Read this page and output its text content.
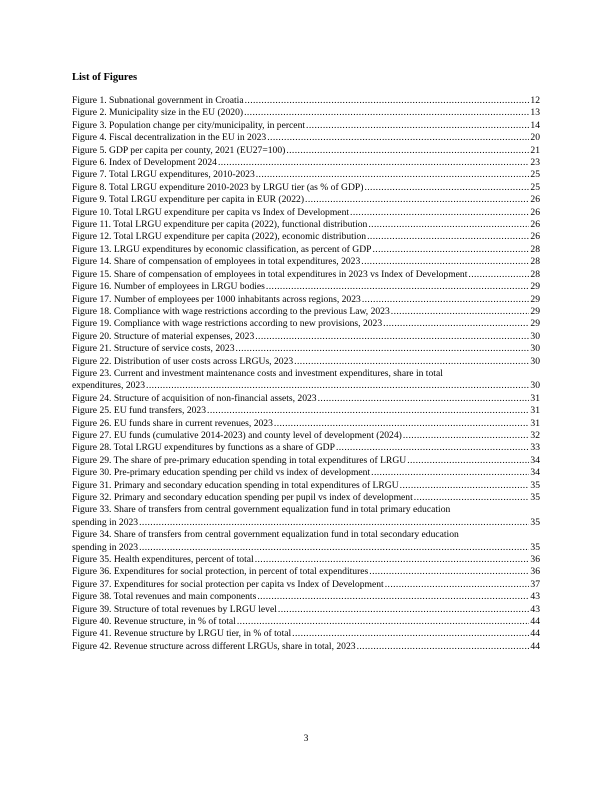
List of Figures
Figure 1. Subnational government in Croatia .....	12
Figure 2. Municipality size in the EU (2020) .....	13
Figure 3. Population change per city/municipality, in percent .....	14
Figure 4. Fiscal decentralization in the EU in 2023 .....	20
Figure 5. GDP per capita per county, 2021 (EU27=100) .....	21
Figure 6. Index of Development 2024 .....	23
Figure 7. Total LRGU expenditures, 2010-2023 .....	25
Figure 8. Total LRGU expenditure 2010-2023 by LRGU tier (as % of GDP) .....	25
Figure 9. Total LRGU expenditure per capita in EUR (2022) .....	26
Figure 10. Total LRGU expenditure per capita vs Index of Development .....	26
Figure 11. Total LRGU expenditure per capita (2022), functional distribution .....	26
Figure 12. Total LRGU expenditure per capita (2022), economic distribution .....	26
Figure 13. LRGU expenditures by economic classification, as percent of GDP .....	28
Figure 14. Share of compensation of employees in total expenditures, 2023 .....	28
Figure 15. Share of compensation of employees in total expenditures in 2023 vs Index of Development .....	28
Figure 16. Number of employees in LRGU bodies .....	29
Figure 17. Number of employees per 1000 inhabitants across regions, 2023 .....	29
Figure 18. Compliance with wage restrictions according to the previous Law, 2023 .....	29
Figure 19. Compliance with wage restrictions according to new provisions, 2023 .....	29
Figure 20. Structure of material expenses, 2023 .....	30
Figure 21. Structure of service costs, 2023 .....	30
Figure 22. Distribution of user costs across LRGUs, 2023 .....	30
Figure 23. Current and investment maintenance costs and investment expenditures, share in total
expenditures, 2023 .....	30
Figure 24. Structure of acquisition of non-financial assets, 2023 .....	31
Figure 25. EU fund transfers, 2023 .....	31
Figure 26. EU funds share in current revenues, 2023 .....	31
Figure 27. EU funds (cumulative 2014-2023) and county level of development (2024) .....	32
Figure 28. Total LRGU expenditures by functions as a share of GDP .....	33
Figure 29. The share of pre-primary education spending in total expenditures of LRGU .....	34
Figure 30. Pre-primary education spending per child vs index of development .....	34
Figure 31. Primary and secondary education spending in total expenditures of LRGU .....	35
Figure 32. Primary and secondary education spending per pupil vs index of development .....	35
Figure 33. Share of transfers from central government equalization fund in total primary education
spending in 2023 .....	35
Figure 34. Share of transfers from central government equalization fund in total secondary education
spending in 2023 .....	35
Figure 35. Health expenditures, percent of total .....	36
Figure 36. Expenditures for social protection, in percent of total expenditures .....	36
Figure 37. Expenditures for social protection per capita vs Index of Development .....	37
Figure 38. Total revenues and main components .....	43
Figure 39. Structure of total revenues by LRGU level .....	43
Figure 40. Revenue structure, in % of total .....	44
Figure 41. Revenue structure by LRGU tier, in % of total .....	44
Figure 42. Revenue structure across different LRGUs, share in total, 2023 .....	44
3
